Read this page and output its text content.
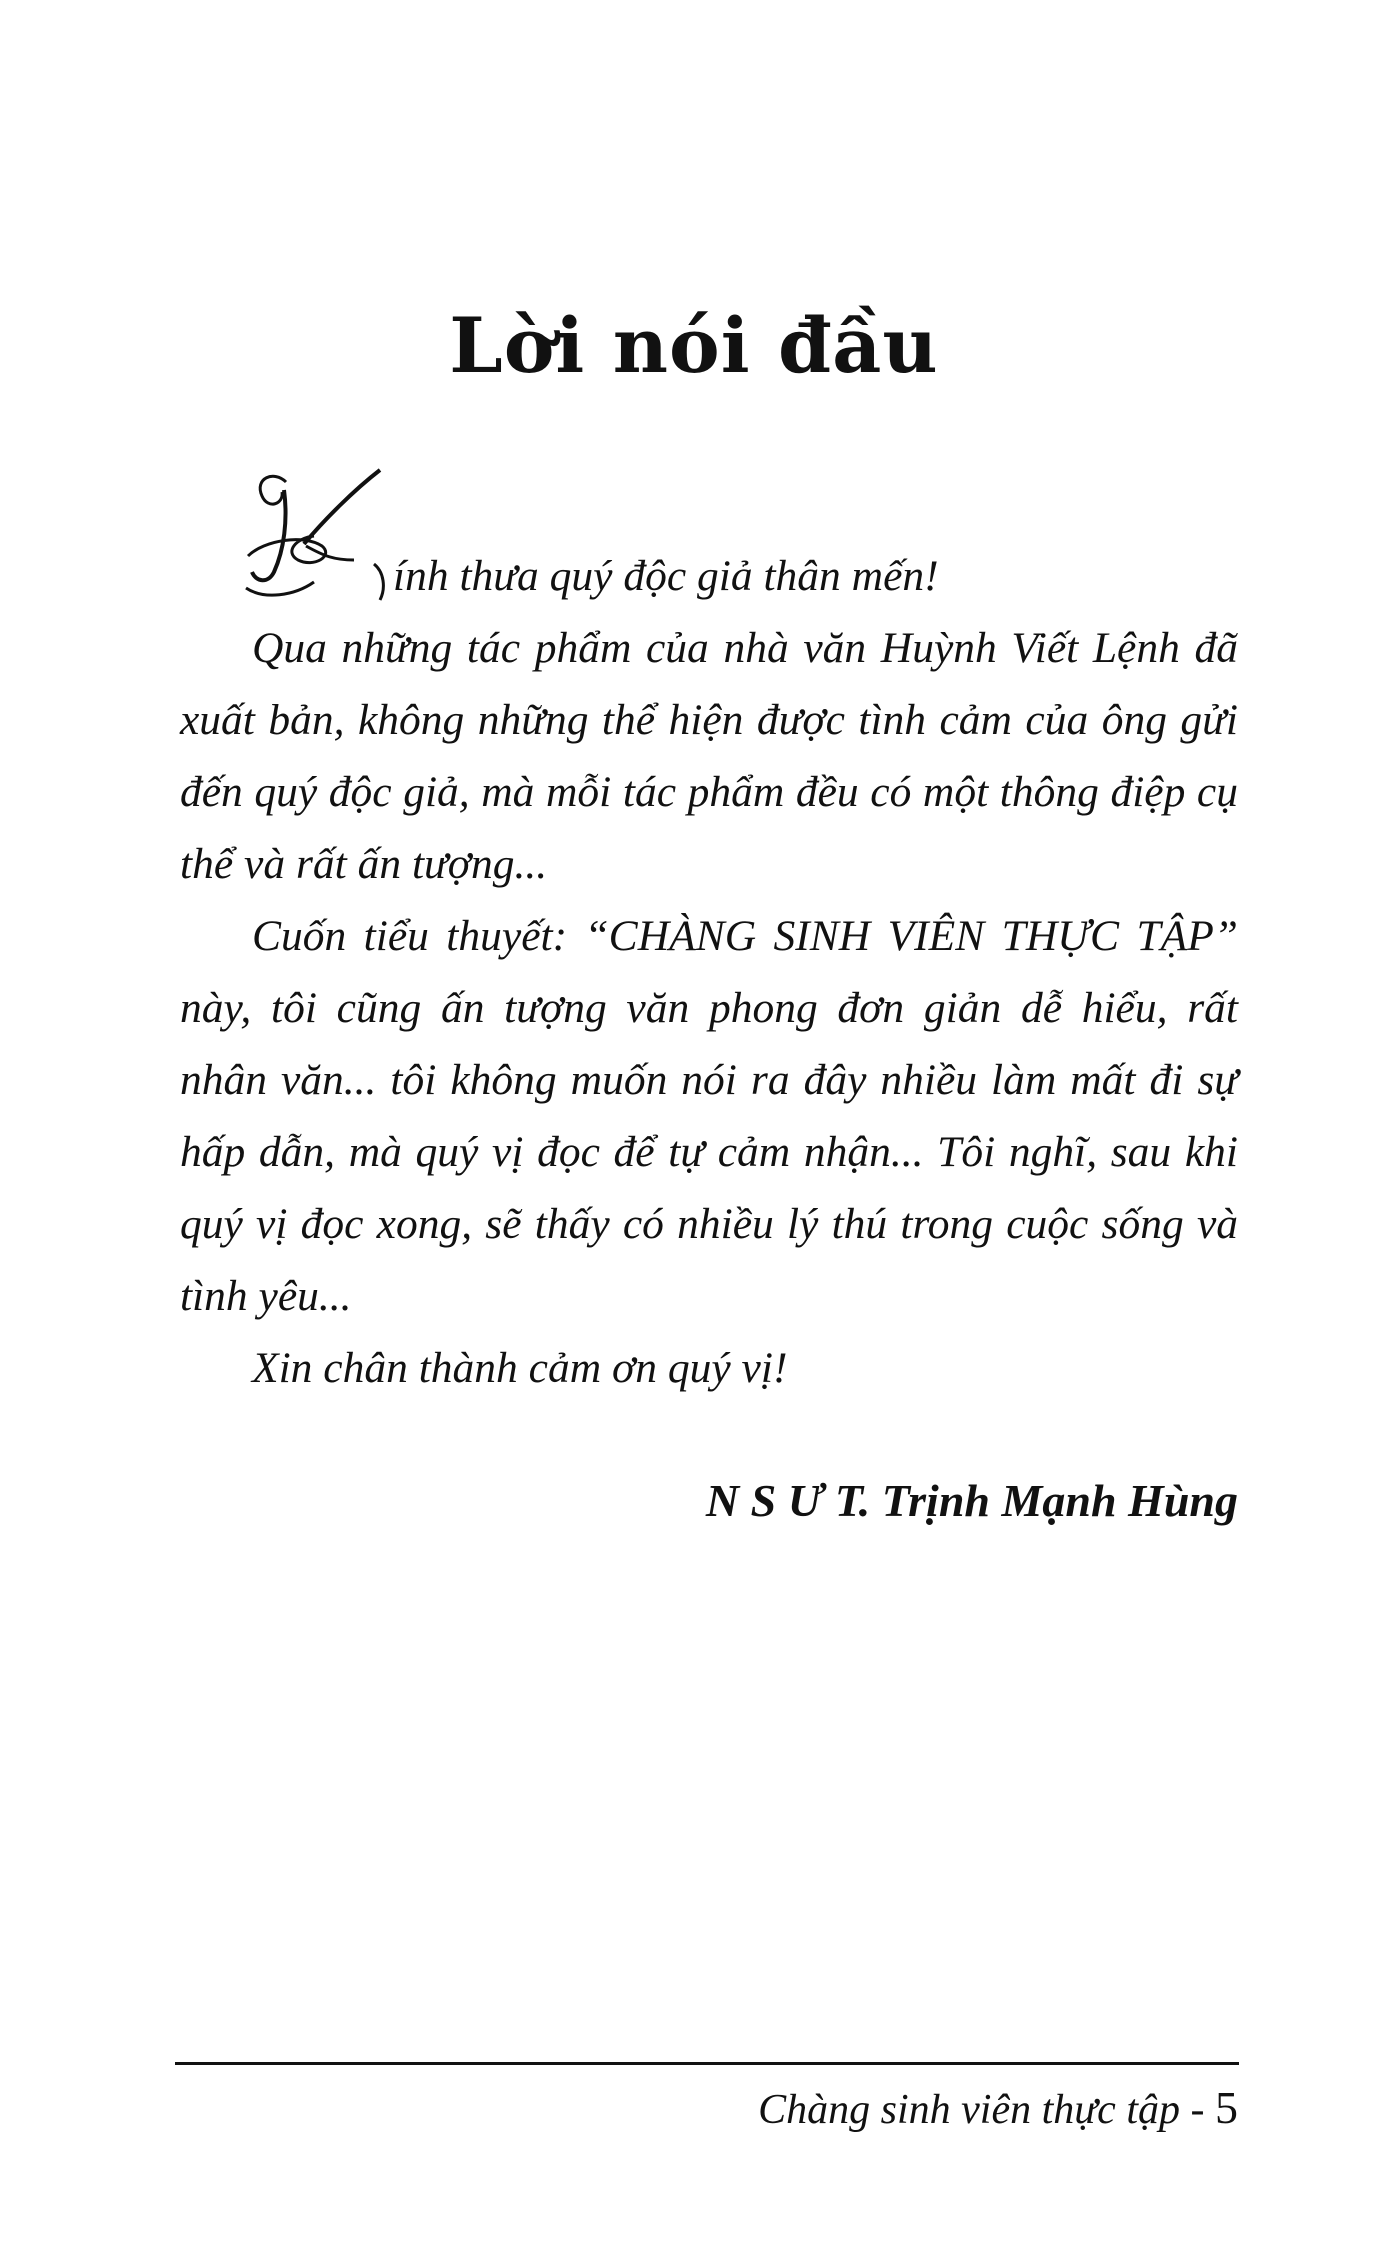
Lời nói đầu
ính thưa quý độc giả thân mến!

Qua những tác phẩm của nhà văn Huỳnh Viết Lệnh đã xuất bản, không những thể hiện được tình cảm của ông gửi đến quý độc giả, mà mỗi tác phẩm đều có một thông điệp cụ thể và rất ấn tượng...

Cuốn tiểu thuyết: “CHÀNG SINH VIÊN THỰC TẬP” này, tôi cũng ấn tượng văn phong đơn giản dễ hiểu, rất nhân văn... tôi không muốn nói ra đây nhiều làm mất đi sự hấp dẫn, mà quý vị đọc để tự cảm nhận... Tôi nghĩ, sau khi quý vị đọc xong, sẽ thấy có nhiều lý thú trong cuộc sống và tình yêu...

Xin chân thành cảm ơn quý vị!

N S Ư T. Trịnh Mạnh Hùng
Chàng sinh viên thực tập - 5
